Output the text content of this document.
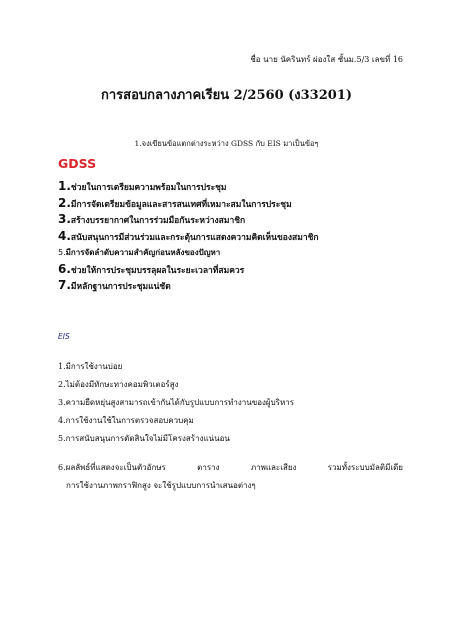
ชื่อ นาย นัครินทร์ ผ่องใส ชั้นม.5/3 เลขที่ 16
การสอบกลางภาคเรียน 2/2560 (ง33201)
1.จงเขียนข้อแตกต่างระหว่าง GDSS กับ EIS มาเป็นข้อๆ
GDSS
1.ช่วยในการเตรียมความพร้อมในการประชุม
2.มีการจัดเตรียมข้อมูลและสารสนเทศที่เหมาะสมในการประชุม
3.สร้างบรรยากาศในการร่วมมือกันระหว่างสมาชิก
4.สนับสนุนการมีส่วนร่วมและกระตุ้นการแสดงความคิดเห็นของสมาชิก
5.มีการจัดลำดับความสำคัญก่อนหลังของปัญหา
6.ช่วยให้การประชุมบรรลุผลในระยะเวลาที่สมควร
7.มีหลักฐานการประชุมแน่ชัด
EIS
1.มีการใช้งานบ่อย
2.ไม่ต้องมีทักษะทางคอมพิวเตอร์สูง
3.ความยืดหยุ่นสูงสามารถเข้ากันได้กับรูปแบบการทำงานของผู้บริหาร
4.การใช้งานใช้ในการตรวจสอบควบคุม
5.การสนับสนุนการตัดสินใจไม่มีโครงสร้างแน่นอน
6.ผลลัพธ์ที่แสดงจะเป็นตัวอักษร	ตาราง	ภาพและเสียง	รวมทั้งระบบมัลติมีเดีย
การใช้งานภาพกราฟิกสูง จะใช้รูปแบบการนำเสนอต่างๆ
